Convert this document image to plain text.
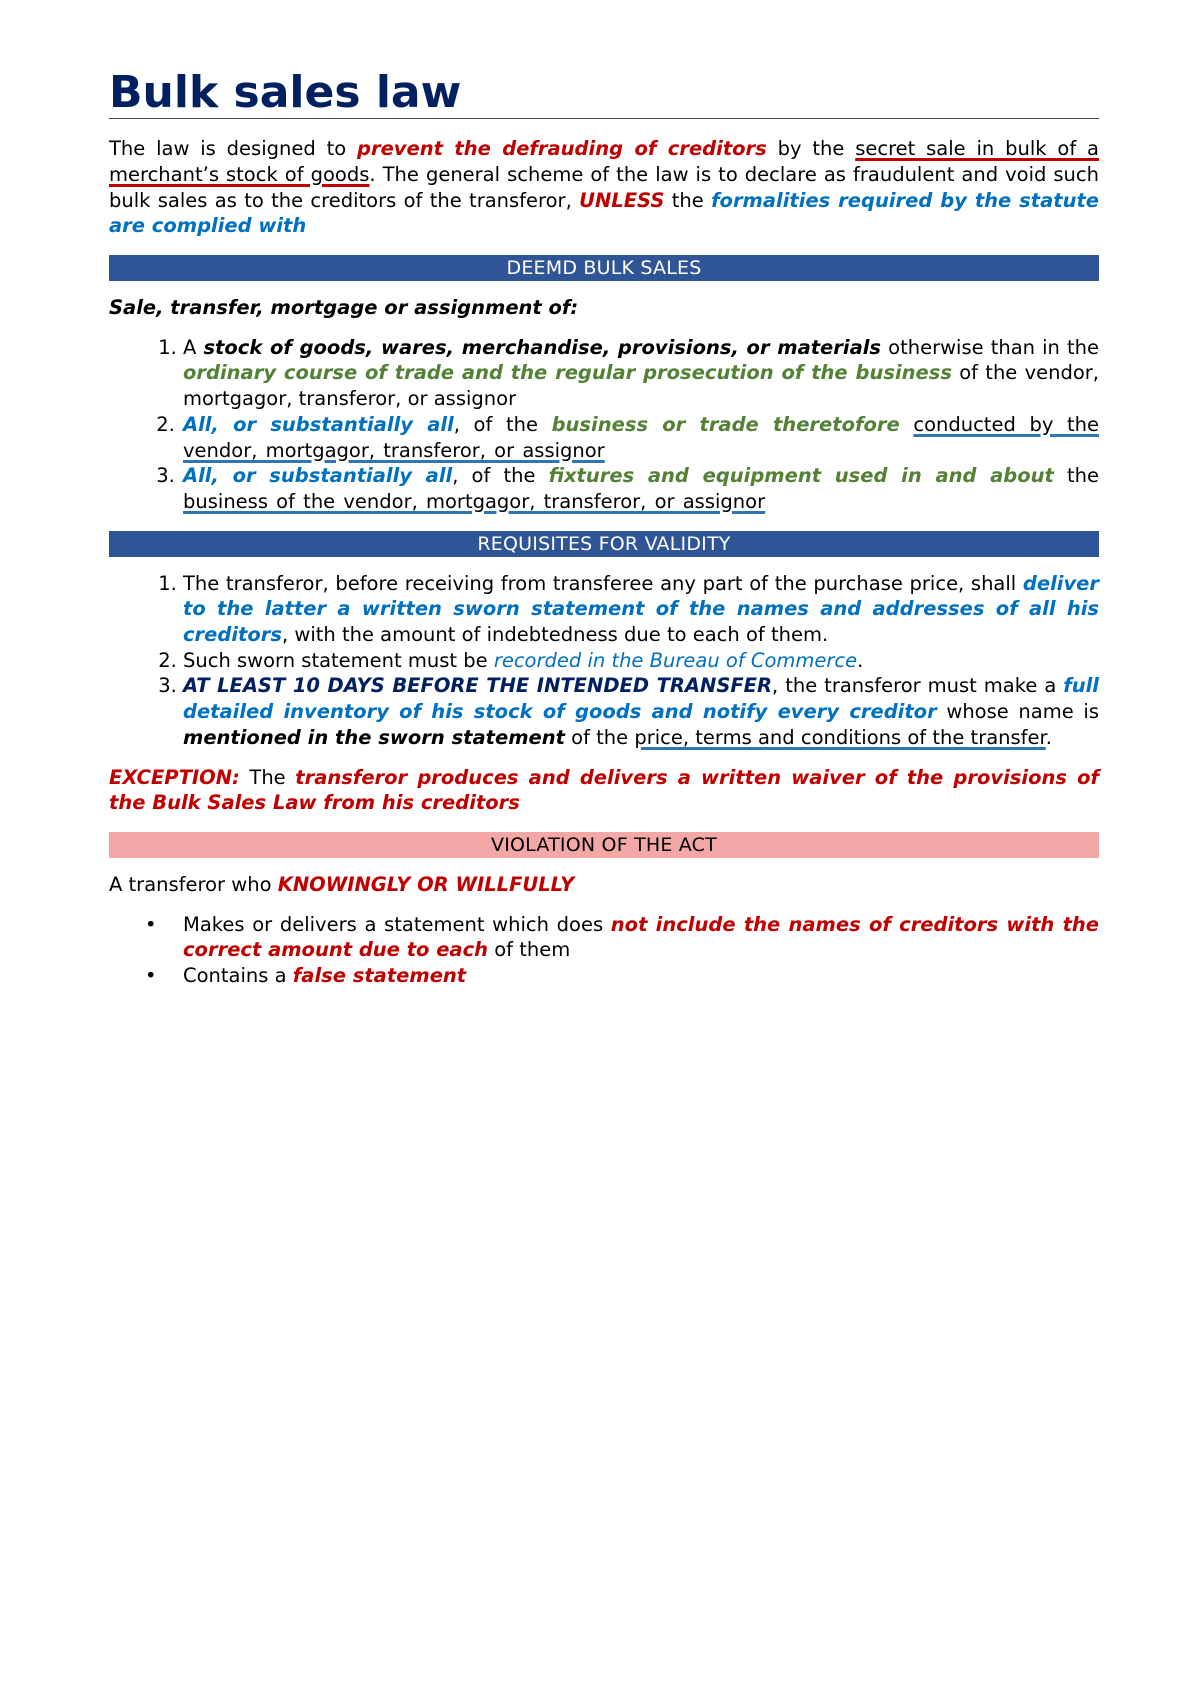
Bulk sales law

The law is designed to prevent the defrauding of creditors by the secret sale in bulk of a merchant’s stock of goods. The general scheme of the law is to declare as fraudulent and void such bulk sales as to the creditors of the transferor, UNLESS the formalities required by the statute are complied with

DEEMD BULK SALES

Sale, transfer, mortgage or assignment of:

1. A stock of goods, wares, merchandise, provisions, or materials otherwise than in the ordinary course of trade and the regular prosecution of the business of the vendor, mortgagor, transferor, or assignor
2. All, or substantially all, of the business or trade theretofore conducted by the vendor, mortgagor, transferor, or assignor
3. All, or substantially all, of the fixtures and equipment used in and about the business of the vendor, mortgagor, transferor, or assignor
REQUISITES FOR VALIDITY
1. The transferor, before receiving from transferee any part of the purchase price, shall deliver to the latter a written sworn statement of the names and addresses of all his creditors, with the amount of indebtedness due to each of them.
2. Such sworn statement must be recorded in the Bureau of Commerce.
3. AT LEAST 10 DAYS BEFORE THE INTENDED TRANSFER, the transferor must make a full detailed inventory of his stock of goods and notify every creditor whose name is mentioned in the sworn statement of the price, terms and conditions of the transfer.

EXCEPTION: The transferor produces and delivers a written waiver of the provisions of the Bulk Sales Law from his creditors

VIOLATION OF THE ACT

A transferor who KNOWINGLY OR WILLFULLY

• Makes or delivers a statement which does not include the names of creditors with the correct amount due to each of them
• Contains a false statement
